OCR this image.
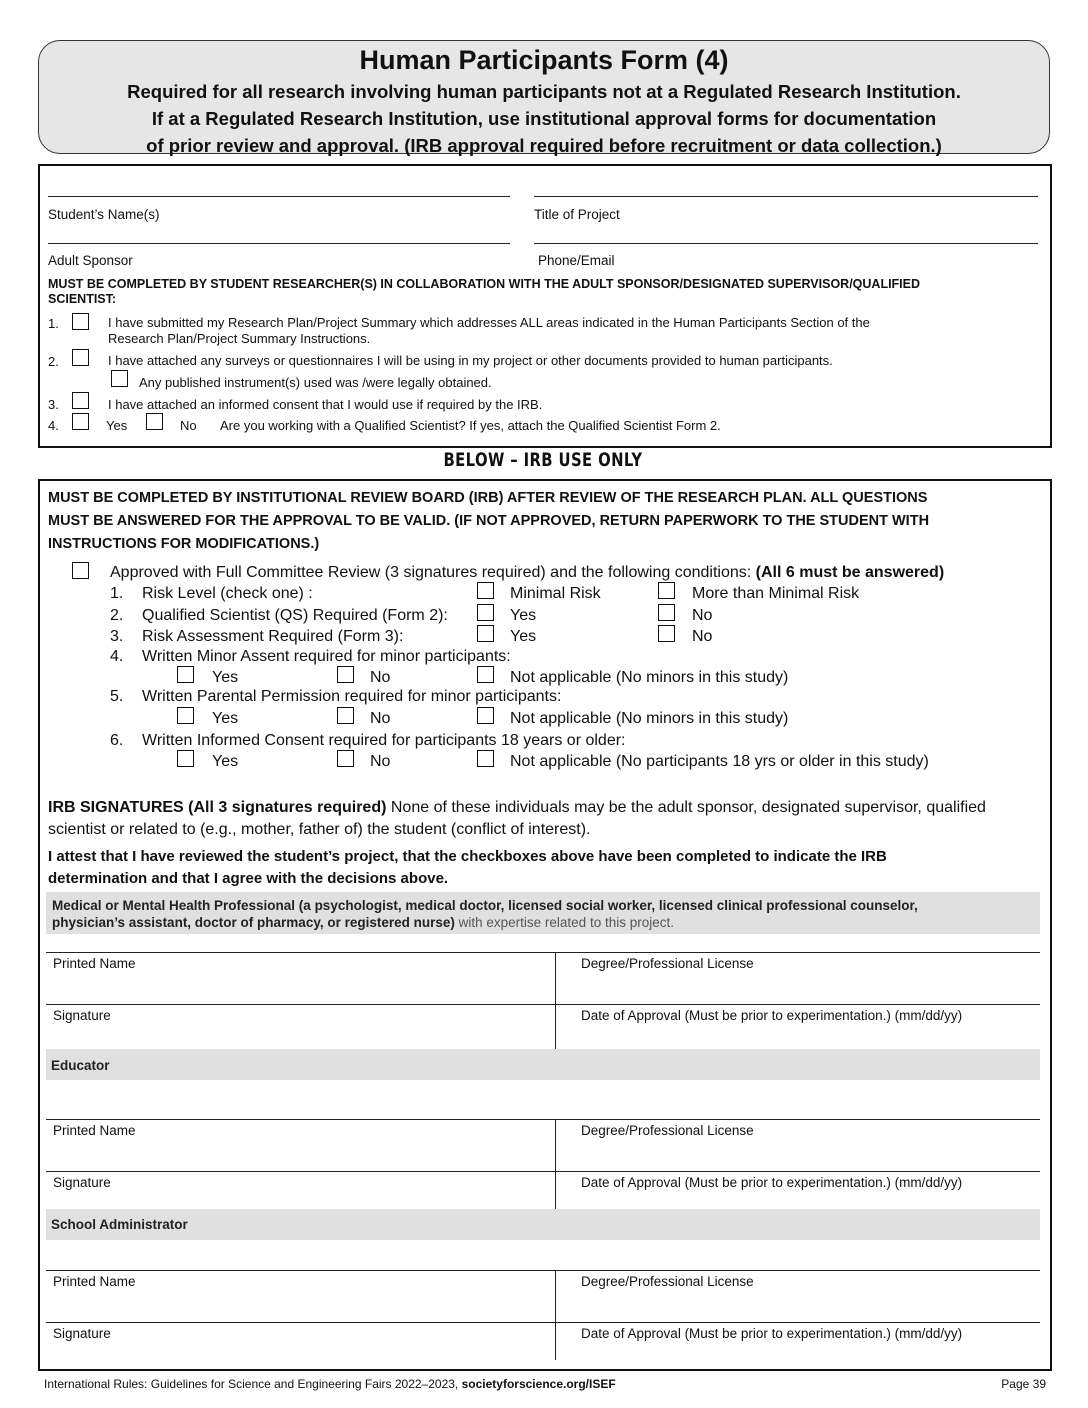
Human Participants Form (4)
Required for all research involving human participants not at a Regulated Research Institution.
If at a Regulated Research Institution, use institutional approval forms for documentation
of prior review and approval. (IRB approval required before recruitment or data collection.)
Student’s Name(s)	Title of Project
Adult Sponsor	Phone/Email
MUST BE COMPLETED BY STUDENT RESEARCHER(S) IN COLLABORATION WITH THE ADULT SPONSOR/DESIGNATED SUPERVISOR/QUALIFIED
SCIENTIST:
1.	I have submitted my Research Plan/Project Summary which addresses ALL areas indicated in the Human Participants Section of the
Research Plan/Project Summary Instructions.
2.	I have attached any surveys or questionnaires I will be using in my project or other documents provided to human participants.
Any published instrument(s) used was /were legally obtained.
3.	I have attached an informed consent that I would use if required by the IRB.
4.	Yes	No Are you working with a Qualified Scientist? If yes, attach the Qualified Scientist Form 2.
BELOW – IRB USE ONLY
MUST BE COMPLETED BY INSTITUTIONAL REVIEW BOARD (IRB) AFTER REVIEW OF THE RESEARCH PLAN. ALL QUESTIONS
MUST BE ANSWERED FOR THE APPROVAL TO BE VALID. (IF NOT APPROVED, RETURN PAPERWORK TO THE STUDENT WITH
INSTRUCTIONS FOR MODIFICATIONS.)
Approved with Full Committee Review (3 signatures required) and the following conditions: (All 6 must be answered)
1. Risk Level (check one) :	Minimal Risk	More than Minimal Risk
2. Qualified Scientist (QS) Required (Form 2):	Yes	No
3. Risk Assessment Required (Form 3):	Yes	No
4. Written Minor Assent required for minor participants:
Yes	No	Not applicable (No minors in this study)
5. Written Parental Permission required for minor participants:
Yes	No	Not applicable (No minors in this study)
6. Written Informed Consent required for participants 18 years or older:
Yes	No	Not applicable (No participants 18 yrs or older in this study)
IRB SIGNATURES (All 3 signatures required) None of these individuals may be the adult sponsor, designated supervisor, qualified
scientist or related to (e.g., mother, father of) the student (conflict of interest).
I attest that I have reviewed the student’s project, that the checkboxes above have been completed to indicate the IRB
determination and that I agree with the decisions above.
Medical or Mental Health Professional (a psychologist, medical doctor, licensed social worker, licensed clinical professional counselor,
physician’s assistant, doctor of pharmacy, or registered nurse) with expertise related to this project.
Printed Name	Degree/Professional License
Signature	Date of Approval (Must be prior to experimentation.) (mm/dd/yy)
Educator
Printed Name	Degree/Professional License
Signature	Date of Approval (Must be prior to experimentation.) (mm/dd/yy)
School Administrator
Printed Name	Degree/Professional License
Signature	Date of Approval (Must be prior to experimentation.) (mm/dd/yy)
International Rules: Guidelines for Science and Engineering Fairs 2022–2023, societyforscience.org/ISEF	Page 39
